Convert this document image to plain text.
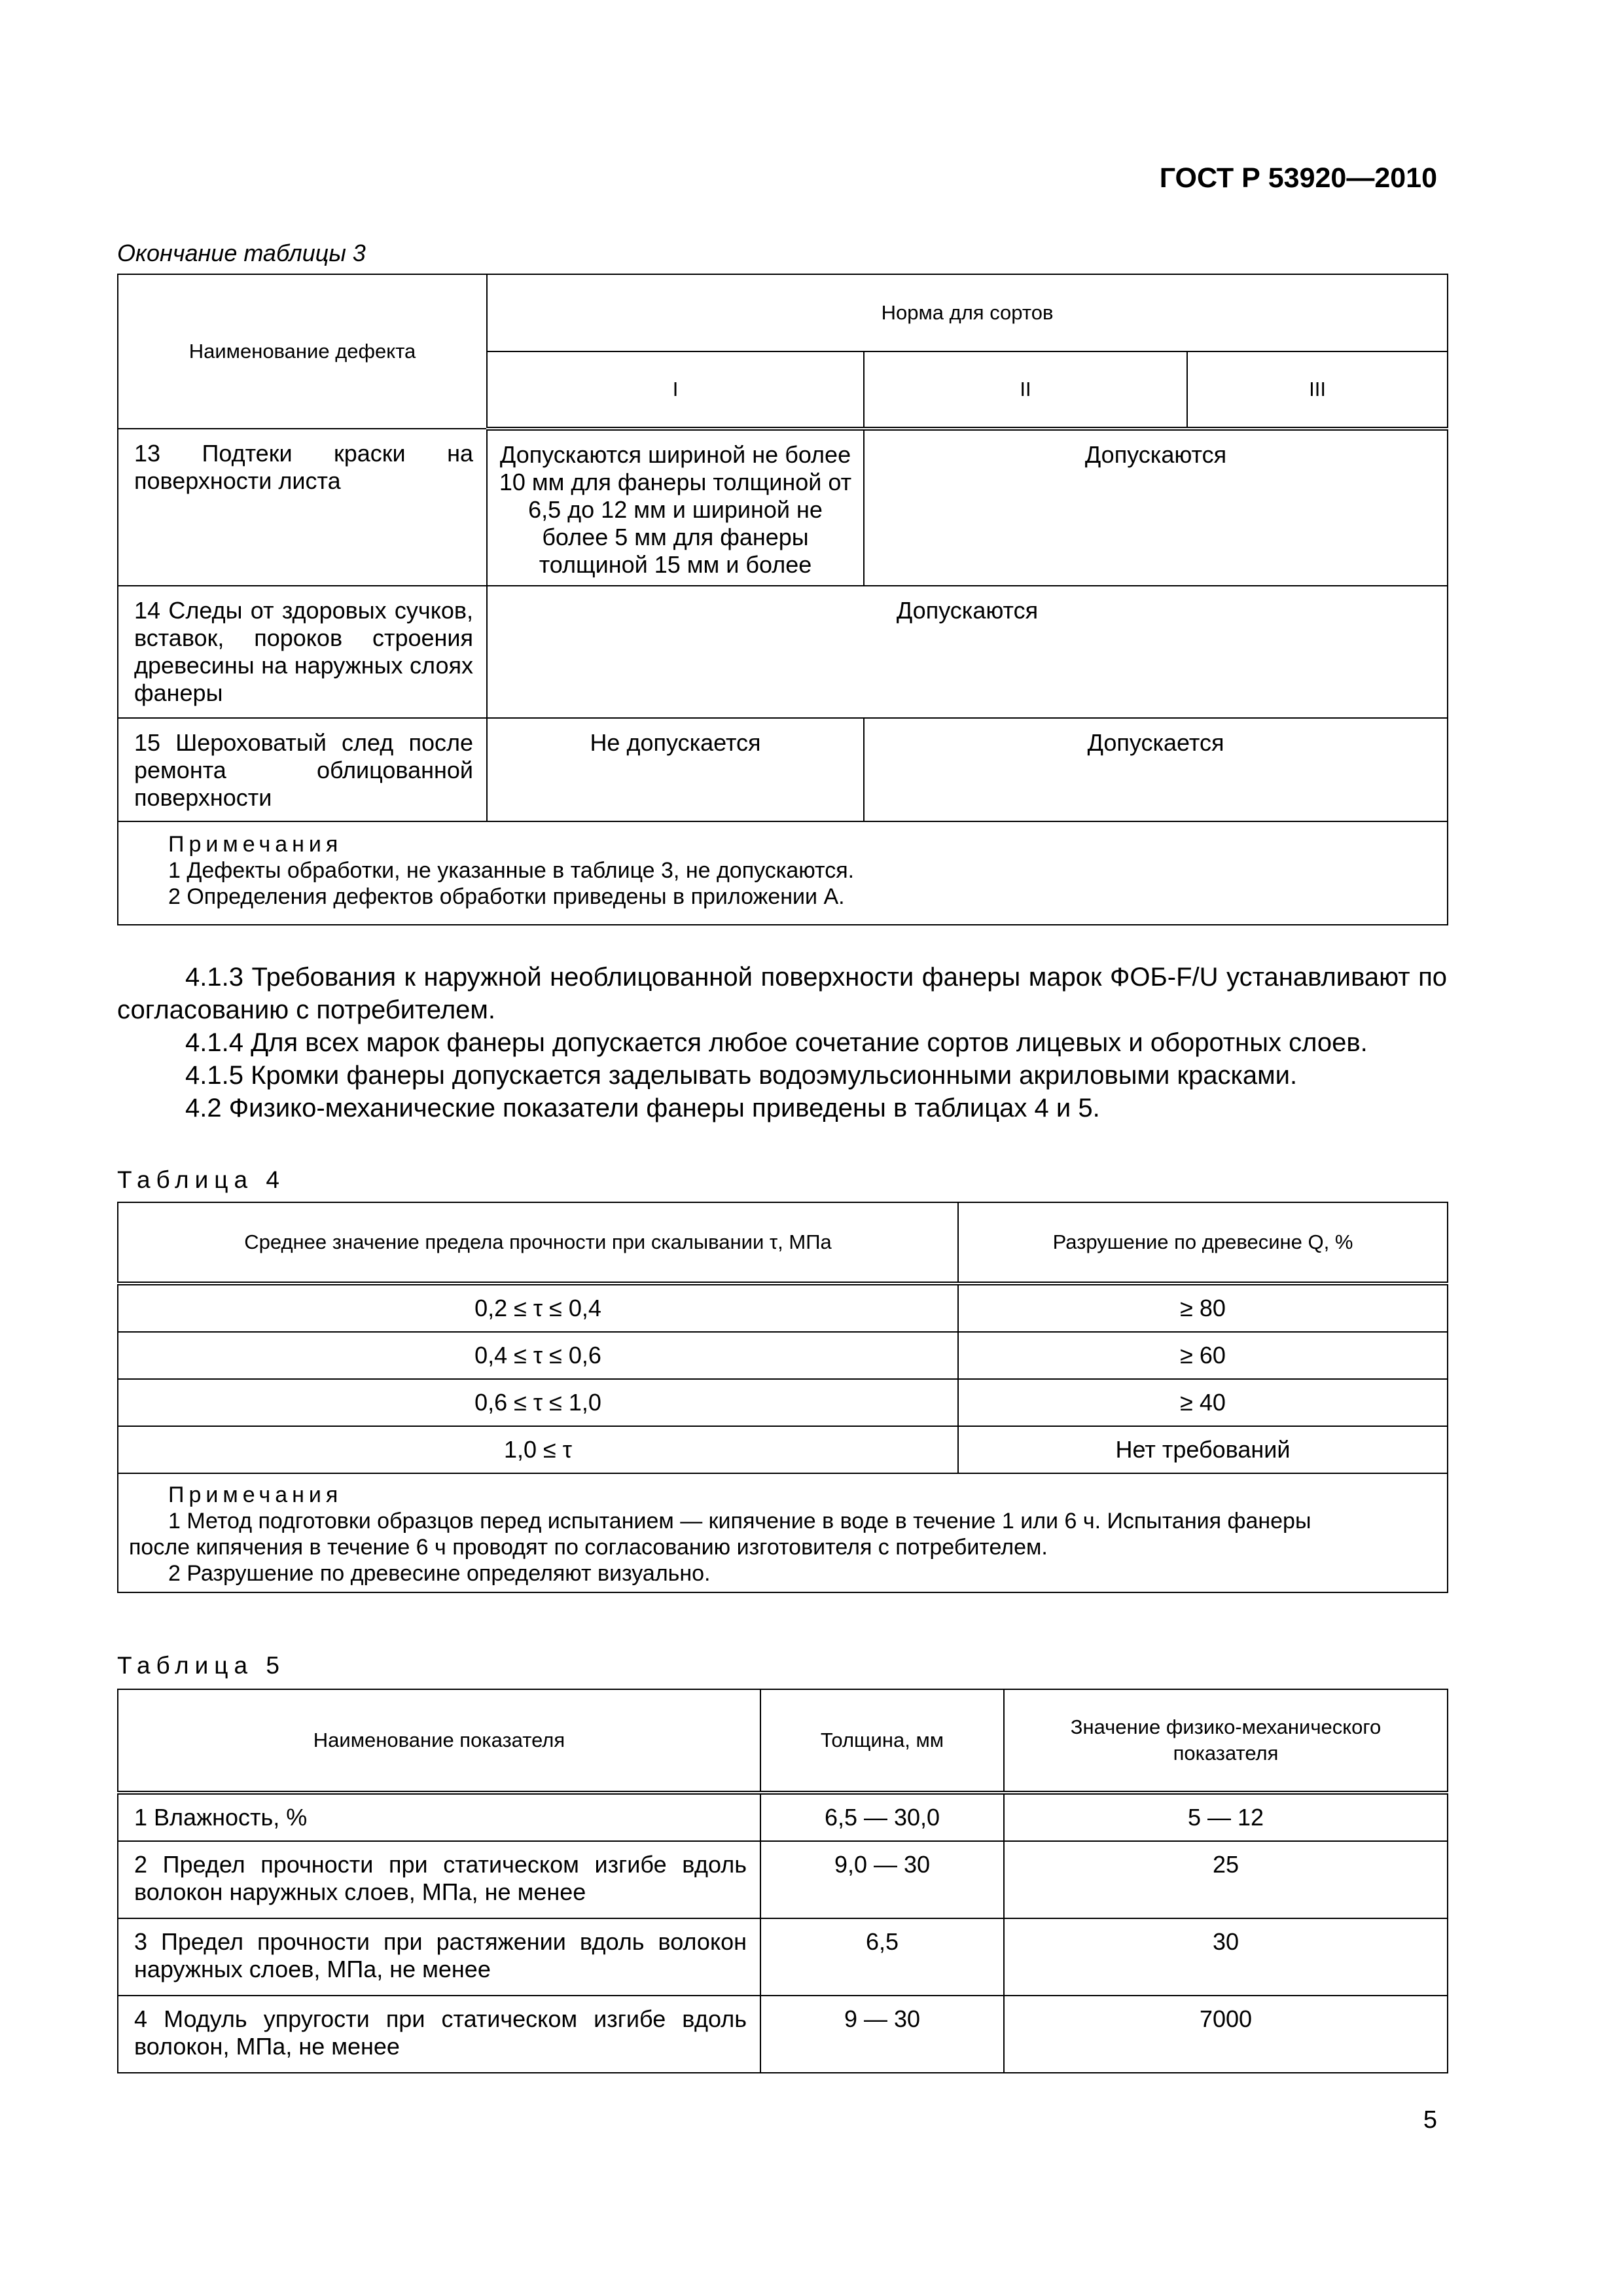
ГОСТ Р 53920—2010
Окончание таблицы 3
Наименование дефекта	Норма для сортов		
	I	II	III
13 Подтеки краски на поверхности листа	Допускаются шириной не более 10 мм для фанеры толщиной от 6,5 до 12 мм и шириной не более 5 мм для фанеры толщиной 15 мм и более	Допускаются	
14 Следы от здоровых сучков, вставок, пороков строения древесины на наружных слоях фанеры	Допускаются		
15 Шероховатый след после ремонта облицованной поверхности	Не допускается	Допускается	

Примечания
1 Дефекты обработки, не указанные в таблице 3, не допускаются.
2 Определения дефектов обработки приведены в приложении А.			

4.1.3 Требования к наружной необлицованной поверхности фанеры марок ФОБ-F/U устанавливают по согласованию с потребителем.

4.1.4 Для всех марок фанеры допускается любое сочетание сортов лицевых и оборотных слоев.

4.1.5 Кромки фанеры допускается заделывать водоэмульсионными акриловыми красками.

4.2 Физико-механические показатели фанеры приведены в таблицах 4 и 5.

Таблица 4
Среднее значение предела прочности при скалывании τ, МПа	Разрушение по древесине Q, %
0,2 ≤ τ ≤ 0,4	≥ 80
0,4 ≤ τ ≤ 0,6	≥ 60
0,6 ≤ τ ≤ 1,0	≥ 40
1,0 ≤ τ	Нет требований

Примечания
1 Метод подготовки образцов перед испытанием — кипячение в воде в течение 1 или 6 ч. Испытания фанеры
после кипячения в течение 6 ч проводят по согласованию изготовителя с потребителем.
2 Разрушение по древесине определяют визуально.	
Таблица 5
Наименование показателя	Толщина, мм	Значение физико-механического показателя
1 Влажность, %	6,5 — 30,0	5 — 12
2 Предел прочности при статическом изгибе вдоль волокон наружных слоев, МПа, не менее	9,0 — 30	25
3 Предел прочности при растяжении вдоль волокон наружных слоев, МПа, не менее	6,5	30
4 Модуль упругости при статическом изгибе вдоль волокон, МПа, не менее	9 — 30	7000
5
